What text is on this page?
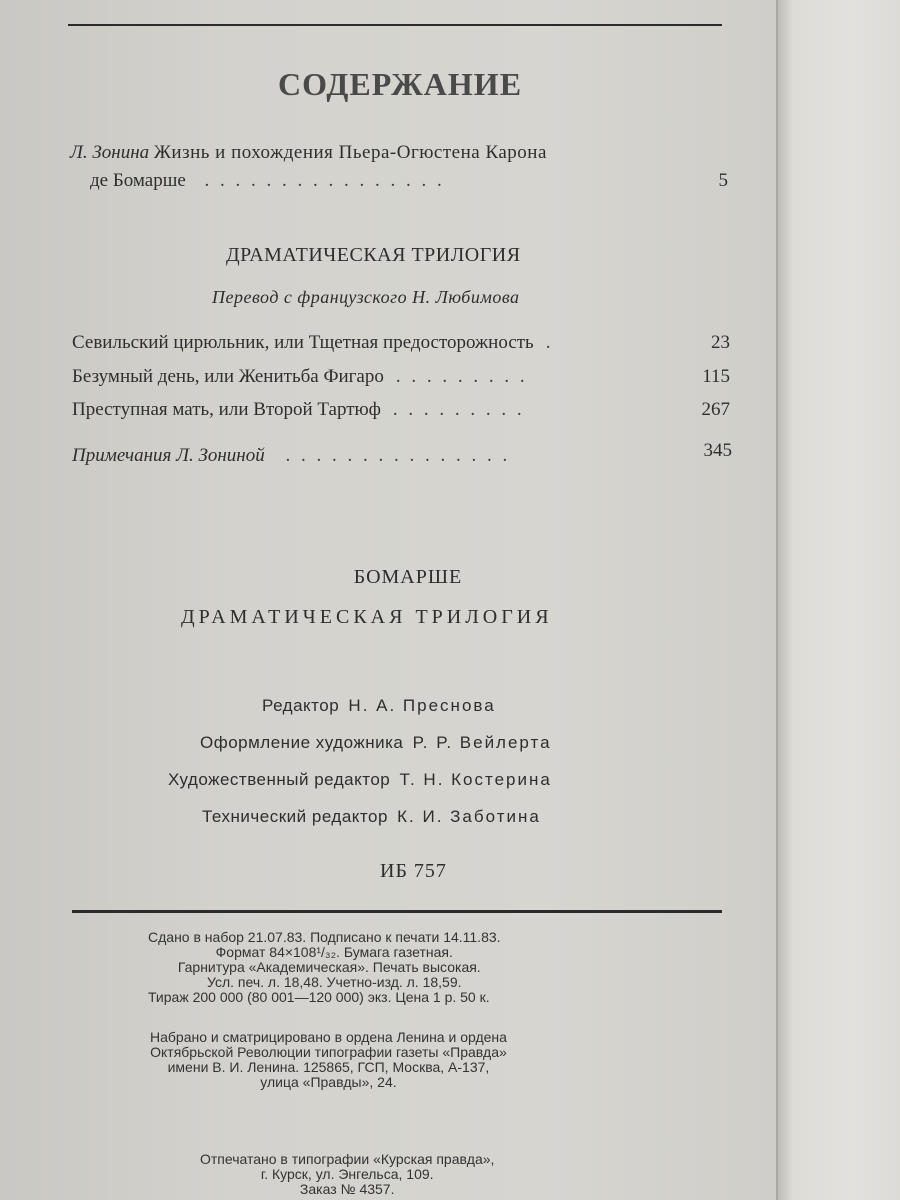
СОДЕРЖАНИЕ
Л. Зонина Жизнь и похождения Пьера-Огюстена Карона
де Бомарше . . . . . . . . . . . . . . . .	5
ДРАМАТИЧЕСКАЯ ТРИЛОГИЯ
Перевод с французского Н. Любимова
Севильский цирюльник, или Тщетная предосторожность .	23
Безумный день, или Женитьба Фигаро . . . . . . . . .	115
Преступная мать, или Второй Тартюф . . . . . . . . .	267
Примечания Л. Зониной . . . . . . . . . . . . . . .	345
БОМАРШЕ
ДРАМАТИЧЕСКАЯ ТРИЛОГИЯ
Редактор Н. А. Преснова
Оформление художника Р. Р. Вейлерта
Художественный редактор Т. Н. Костерина
Технический редактор К. И. Заботина
ИБ 757
Сдано в набор 21.07.83. Подписано к печати 14.11.83.
Формат 84×108¹/₃₂. Бумага газетная.
Гарнитура «Академическая». Печать высокая.
Усл. печ. л. 18,48. Учетно-изд. л. 18,59.
Тираж 200 000 (80 001—120 000) экз. Цена 1 р. 50 к.
Набрано и сматрицировано в ордена Ленина и ордена
Октябрьской Революции типографии газеты «Правда»
имени В. И. Ленина. 125865, ГСП, Москва, А-137,
улица «Правды», 24.
Отпечатано в типографии «Курская правда»,
г. Курск, ул. Энгельса, 109.
Заказ № 4357.
